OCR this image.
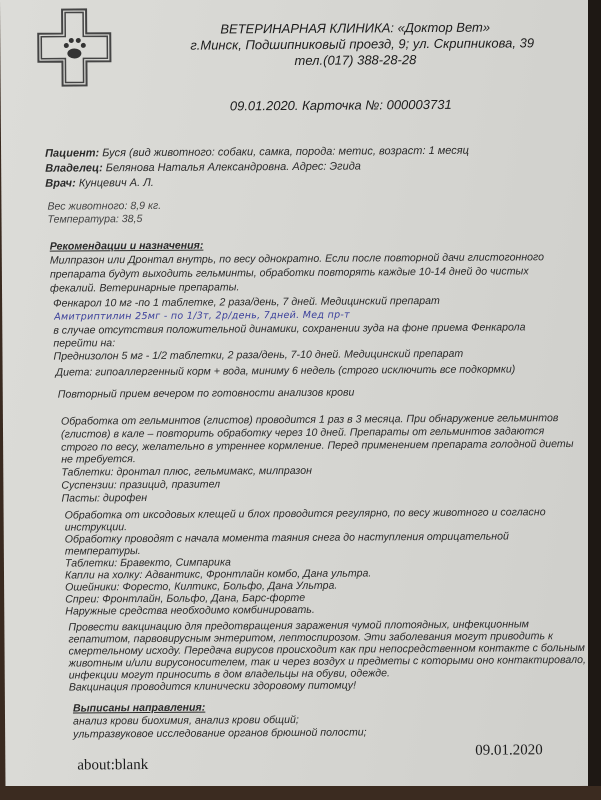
ВЕТЕРИНАРНАЯ КЛИНИКА: «Доктор Вет»
г.Минск, Подшипниковый проезд, 9; ул. Скрипникова, 39
тел.(017) 388-28-28
09.01.2020. Карточка №: 000003731
Пациент: Буся (вид животного: собаки, самка, порода: метис, возраст: 1 месяц
Владелец: Белянова Наталья Александровна. Адрес: Эгида
Врач: Кунцевич А. Л.
Вес животного: 8,9 кг.
Температура: 38,5
Рекомендации и назначения:
Милпразон или Дронтал внутрь, по весу однократно. Если после повторной дачи глистогонного
препарата будут выходить гельминты, обработки повторять каждые 10-14 дней до чистых
фекалий. Ветеринарные препараты.
Фенкарол 10 мг -по 1 таблетке, 2 раза/день, 7 дней. Медицинский препарат
Амитриптилин 25мг - по 1/3т, 2р/день, 7дней. Мед пр-т
в случае отсутствия положительной динамики, сохранении зуда на фоне приема Фенкарола
перейти на:
Преднизолон 5 мг - 1/2 таблетки, 2 раза/день, 7-10 дней. Медицинский препарат
Диета: гипоаллергенный корм + вода, миниму 6 недель (строго исключить все подкормки)
Повторный прием вечером по готовности анализов крови
Обработка от гельминтов (глистов) проводится 1 раз в 3 месяца. При обнаружение гельминтов
(глистов) в кале – повторить обработку через 10 дней. Препараты от гельминтов задаются
строго по весу, желательно в утреннее кормление. Перед применением препарата голодной диеты
не требуется.
Таблетки: дронтал плюс, гельмимакс, милпразон
Суспензии: празицид, празител
Пасты: дирофен
Обработка от иксодовых клещей и блох проводится регулярно, по весу животного и согласно
инструкции.
Обработку проводят с начала момента таяния снега до наступления отрицательной
температуры.
Таблетки: Бравекто, Симпарика
Капли на холку: Адвантикс, Фронтлайн комбо, Дана ультра.
Ошейники: Форесто, Килтикс, Больфо, Дана Ультра.
Спреи: Фронтлайн, Больфо, Дана, Барс-форте
Наружные средства необходимо комбинировать.
Провести вакцинацию для предотвращения заражения чумой плотоядных, инфекционным
гепатитом, парвовирусным энтеритом, лептоспирозом. Эти заболевания могут приводить к
смертельному исходу. Передача вирусов происходит как при непосредственном контакте с больным
животным и/или вирусоносителем, так и через воздух и предметы с которыми оно контактировало,
инфекции могут приносить в дом владельцы на обуви, одежде.
Вакцинация проводится клинически здоровому питомцу!
Выписаны направления:
анализ крови биохимия, анализ крови общий;
ультразвуковое исследование органов брюшной полости;
about:blank
09.01.2020
